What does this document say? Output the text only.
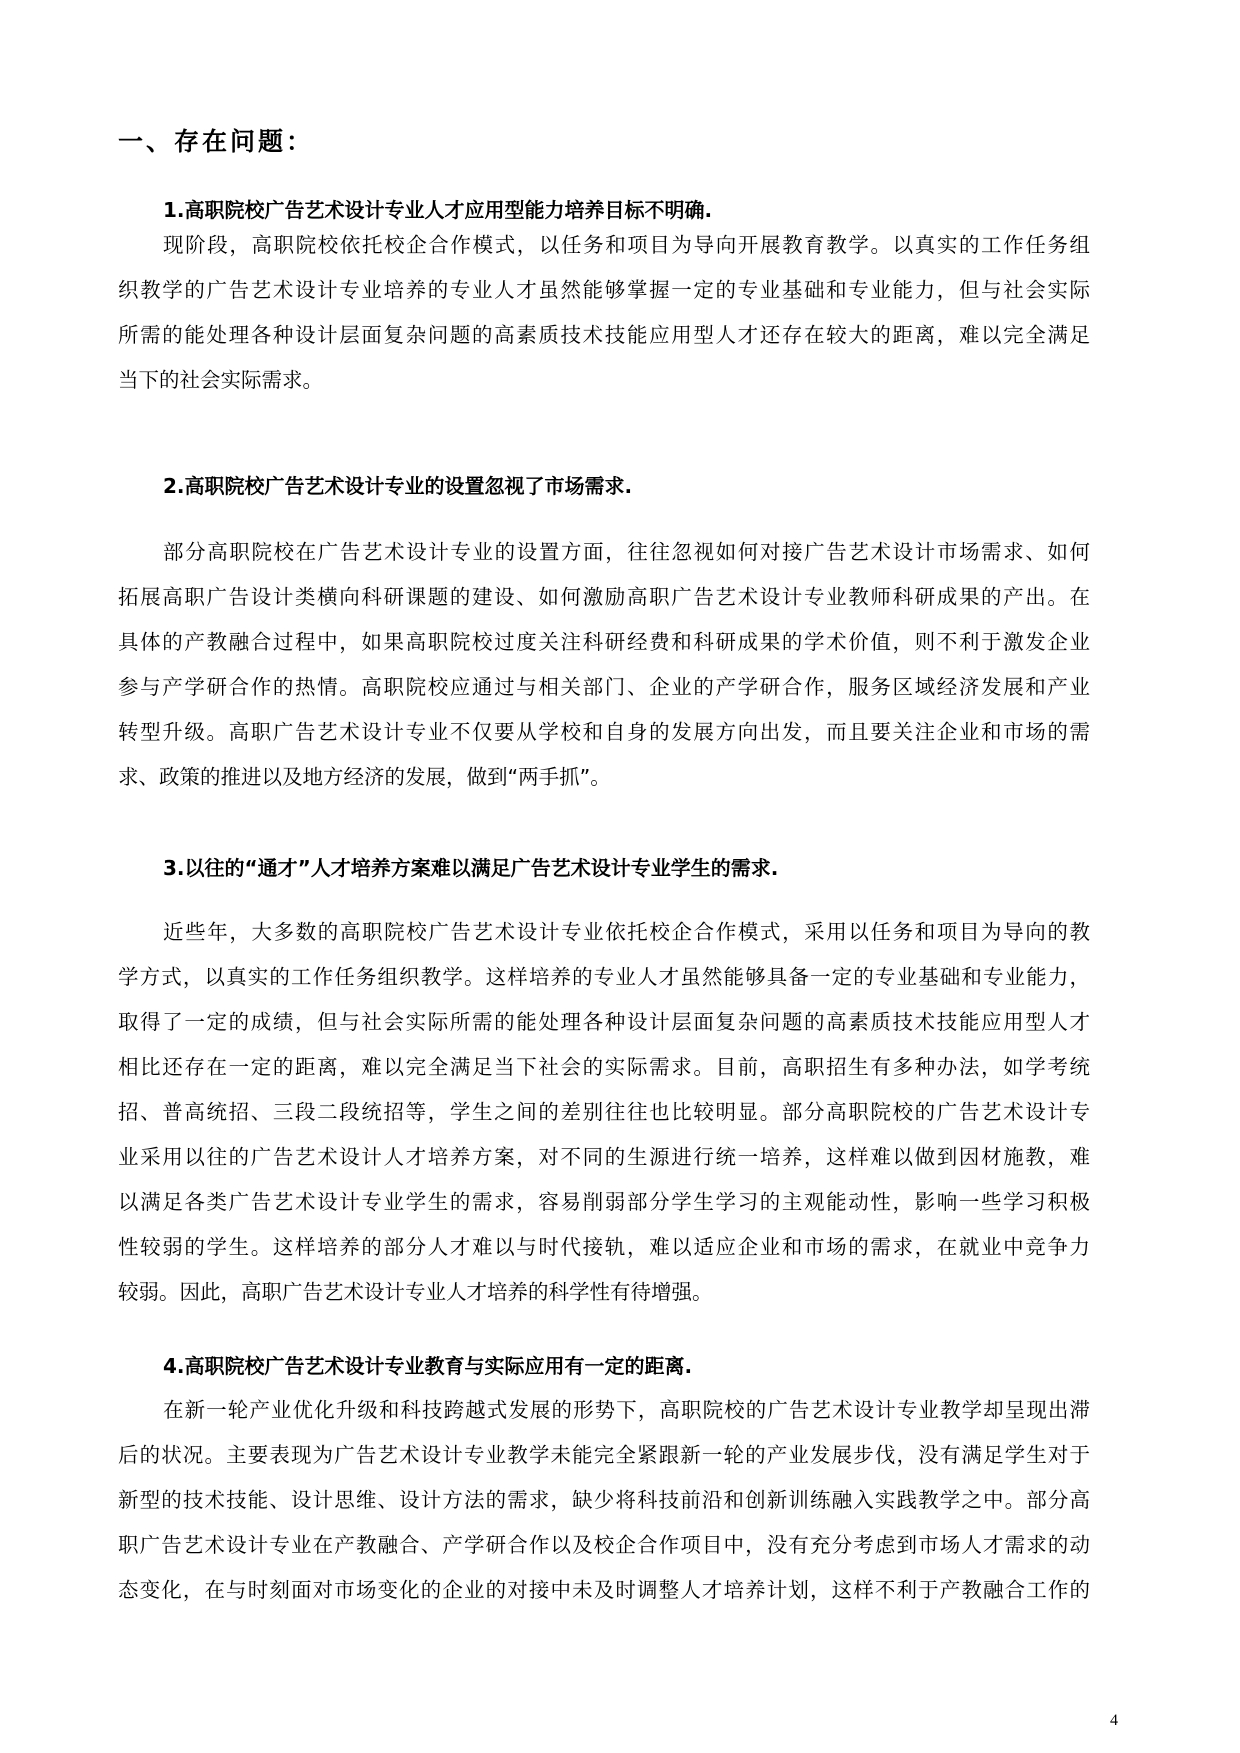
一、存在问题：
1.高职院校广告艺术设计专业人才应用型能力培养目标不明确.
现阶段，高职院校依托校企合作模式，以任务和项目为导向开展教育教学。以真实的工作任务组
织教学的广告艺术设计专业培养的专业人才虽然能够掌握一定的专业基础和专业能力，但与社会实际
所需的能处理各种设计层面复杂问题的高素质技术技能应用型人才还存在较大的距离，难以完全满足
当下的社会实际需求。
2.高职院校广告艺术设计专业的设置忽视了市场需求.
部分高职院校在广告艺术设计专业的设置方面，往往忽视如何对接广告艺术设计市场需求、如何
拓展高职广告设计类横向科研课题的建设、如何激励高职广告艺术设计专业教师科研成果的产出。在
具体的产教融合过程中，如果高职院校过度关注科研经费和科研成果的学术价值，则不利于激发企业
参与产学研合作的热情。高职院校应通过与相关部门、企业的产学研合作，服务区域经济发展和产业
转型升级。高职广告艺术设计专业不仅要从学校和自身的发展方向出发，而且要关注企业和市场的需
求、政策的推进以及地方经济的发展，做到“两手抓”。
3.以往的“通才”人才培养方案难以满足广告艺术设计专业学生的需求.
近些年，大多数的高职院校广告艺术设计专业依托校企合作模式，采用以任务和项目为导向的教
学方式，以真实的工作任务组织教学。这样培养的专业人才虽然能够具备一定的专业基础和专业能力，
取得了一定的成绩，但与社会实际所需的能处理各种设计层面复杂问题的高素质技术技能应用型人才
相比还存在一定的距离，难以完全满足当下社会的实际需求。目前，高职招生有多种办法，如学考统
招、普高统招、三段二段统招等，学生之间的差别往往也比较明显。部分高职院校的广告艺术设计专
业采用以往的广告艺术设计人才培养方案，对不同的生源进行统一培养，这样难以做到因材施教，难
以满足各类广告艺术设计专业学生的需求，容易削弱部分学生学习的主观能动性，影响一些学习积极
性较弱的学生。这样培养的部分人才难以与时代接轨，难以适应企业和市场的需求，在就业中竞争力
较弱。因此，高职广告艺术设计专业人才培养的科学性有待增强。
4.高职院校广告艺术设计专业教育与实际应用有一定的距离.
在新一轮产业优化升级和科技跨越式发展的形势下，高职院校的广告艺术设计专业教学却呈现出滞
后的状况。主要表现为广告艺术设计专业教学未能完全紧跟新一轮的产业发展步伐，没有满足学生对于
新型的技术技能、设计思维、设计方法的需求，缺少将科技前沿和创新训练融入实践教学之中。部分高
职广告艺术设计专业在产教融合、产学研合作以及校企合作项目中，没有充分考虑到市场人才需求的动
态变化，在与时刻面对市场变化的企业的对接中未及时调整人才培养计划，这样不利于产教融合工作的
4
